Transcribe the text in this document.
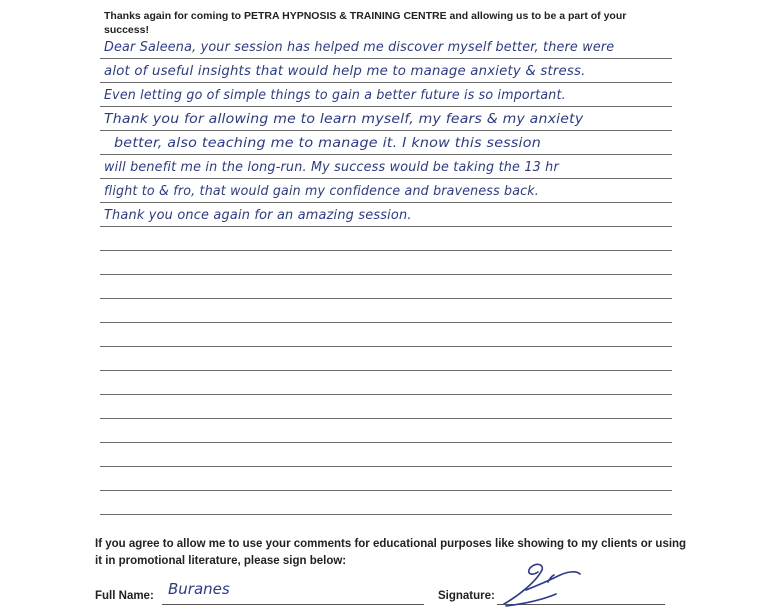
Thanks again for coming to PETRA HYPNOSIS & TRAINING CENTRE and allowing us to be a part of your success!
Dear Saleena, your session has helped me discover myself better, there were
alot of useful insights that would help me to manage anxiety & stress.
Even letting go of simple things to gain a better future is so important.
Thank you for allowing me to learn myself, my fears & my anxiety
better, also teaching me to manage it. I know this session
will benefit me in the long-run. My success would be taking the 13 hr
flight to & fro, that would gain my confidence and braveness back.
Thank you once again for an amazing session.
If you agree to allow me to use your comments for educational purposes like showing to my clients or using it in promotional literature, please sign below:
Full Name: Buranes	Signature:
